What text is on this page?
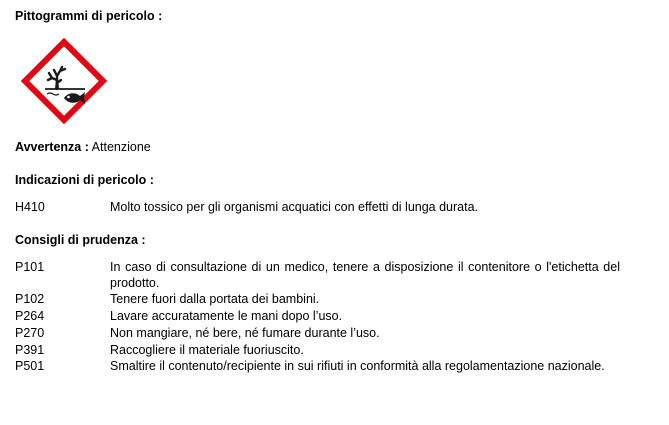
Pittogrammi di pericolo :
Avvertenza : Attenzione
Indicazioni di pericolo :
H410	Molto tossico per gli organismi acquatici con effetti di lunga durata.
Consigli di prudenza :
P101	In caso di consultazione di un medico, tenere a disposizione il contenitore o l'etichetta del prodotto.
P102	Tenere fuori dalla portata dei bambini.
P264	Lavare accuratamente le mani dopo l’uso.
P270	Non mangiare, né bere, né fumare durante l’uso.
P391	Raccogliere il materiale fuoriuscito.
P501	Smaltire il contenuto/recipiente in sui rifiuti in conformità alla regolamentazione nazionale.
